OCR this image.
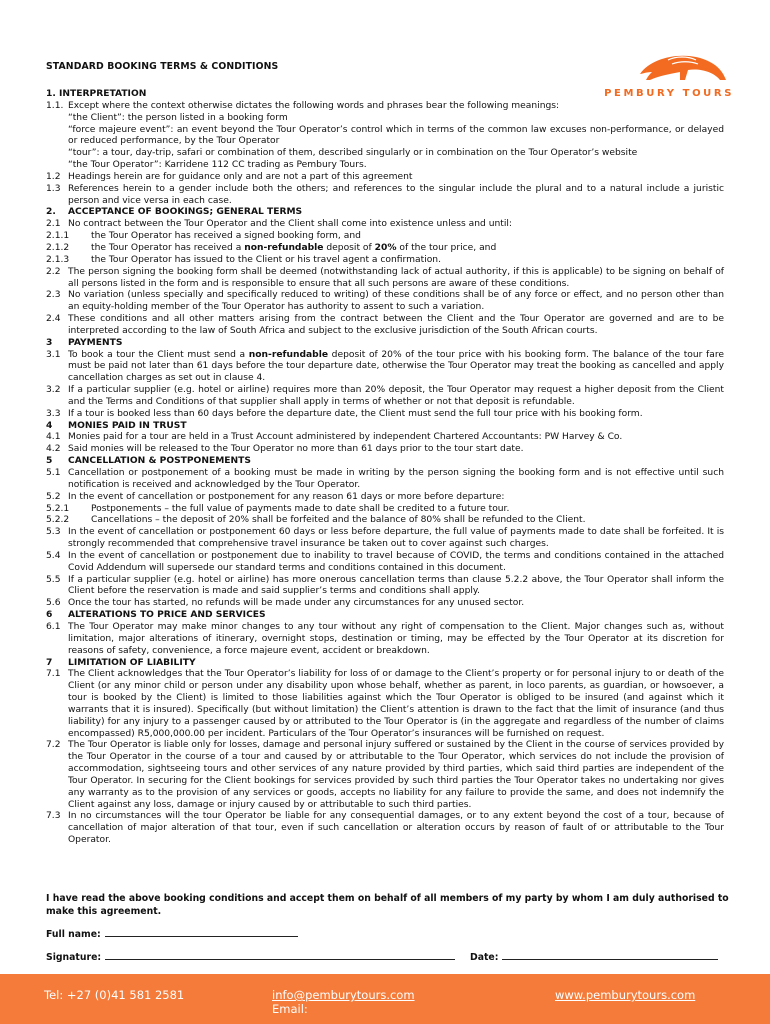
STANDARD BOOKING TERMS & CONDITIONS
PEMBURY TOURS
1. INTERPRETATION
1.1. Except where the context otherwise dictates the following words and phrases bear the following meanings:
“the Client”: the person listed in a booking form
“force majeure event”: an event beyond the Tour Operator’s control which in terms of the common law excuses non-performance, or delayed or reduced performance, by the Tour Operator
“tour”: a tour, day-trip, safari or combination of them, described singularly or in combination on the Tour Operator’s website
“the Tour Operator”: Karridene 112 CC trading as Pembury Tours.
1.2 Headings herein are for guidance only and are not a part of this agreement
1.3 References herein to a gender include both the others; and references to the singular include the plural and to a natural include a juristic person and vice versa in each case.
2. ACCEPTANCE OF BOOKINGS; GENERAL TERMS
2.1 No contract between the Tour Operator and the Client shall come into existence unless and until:
2.1.1 the Tour Operator has received a signed booking form, and
2.1.2 the Tour Operator has received a non-refundable deposit of 20% of the tour price, and
2.1.3 the Tour Operator has issued to the Client or his travel agent a confirmation.
2.2 The person signing the booking form shall be deemed (notwithstanding lack of actual authority, if this is applicable) to be signing on behalf of all persons listed in the form and is responsible to ensure that all such persons are aware of these conditions.
2.3 No variation (unless specially and specifically reduced to writing) of these conditions shall be of any force or effect, and no person other than an equity-holding member of the Tour Operator has authority to assent to such a variation.
2.4 These conditions and all other matters arising from the contract between the Client and the Tour Operator are governed and are to be interpreted according to the law of South Africa and subject to the exclusive jurisdiction of the South African courts.
3 PAYMENTS
3.1 To book a tour the Client must send a non-refundable deposit of 20% of the tour price with his booking form. The balance of the tour fare must be paid not later than 61 days before the tour departure date, otherwise the Tour Operator may treat the booking as cancelled and apply cancellation charges as set out in clause 4.
3.2 If a particular supplier (e.g. hotel or airline) requires more than 20% deposit, the Tour Operator may request a higher deposit from the Client and the Terms and Conditions of that supplier shall apply in terms of whether or not that deposit is refundable.
3.3 If a tour is booked less than 60 days before the departure date, the Client must send the full tour price with his booking form.
4 MONIES PAID IN TRUST
4.1 Monies paid for a tour are held in a Trust Account administered by independent Chartered Accountants: PW Harvey & Co.
4.2 Said monies will be released to the Tour Operator no more than 61 days prior to the tour start date.
5 CANCELLATION & POSTPONEMENTS
5.1 Cancellation or postponement of a booking must be made in writing by the person signing the booking form and is not effective until such notification is received and acknowledged by the Tour Operator.
5.2 In the event of cancellation or postponement for any reason 61 days or more before departure:
5.2.1 Postponements – the full value of payments made to date shall be credited to a future tour.
5.2.2 Cancellations – the deposit of 20% shall be forfeited and the balance of 80% shall be refunded to the Client.
5.3 In the event of cancellation or postponement 60 days or less before departure, the full value of payments made to date shall be forfeited. It is strongly recommended that comprehensive travel insurance be taken out to cover against such charges.
5.4 In the event of cancellation or postponement due to inability to travel because of COVID, the terms and conditions contained in the attached Covid Addendum will supersede our standard terms and conditions contained in this document.
5.5 If a particular supplier (e.g. hotel or airline) has more onerous cancellation terms than clause 5.2.2 above, the Tour Operator shall inform the Client before the reservation is made and said supplier’s terms and conditions shall apply.
5.6 Once the tour has started, no refunds will be made under any circumstances for any unused sector.
6 ALTERATIONS TO PRICE AND SERVICES
6.1 The Tour Operator may make minor changes to any tour without any right of compensation to the Client. Major changes such as, without limitation, major alterations of itinerary, overnight stops, destination or timing, may be effected by the Tour Operator at its discretion for reasons of safety, convenience, a force majeure event, accident or breakdown.
7 LIMITATION OF LIABILITY
7.1 The Client acknowledges that the Tour Operator’s liability for loss of or damage to the Client’s property or for personal injury to or death of the Client (or any minor child or person under any disability upon whose behalf, whether as parent, in loco parents, as guardian, or howsoever, a tour is booked by the Client) is limited to those liabilities against which the Tour Operator is obliged to be insured (and against which it warrants that it is insured). Specifically (but without limitation) the Client’s attention is drawn to the fact that the limit of insurance (and thus liability) for any injury to a passenger caused by or attributed to the Tour Operator is (in the aggregate and regardless of the number of claims encompassed) R5,000,000.00 per incident. Particulars of the Tour Operator’s insurances will be furnished on request.
7.2 The Tour Operator is liable only for losses, damage and personal injury suffered or sustained by the Client in the course of services provided by the Tour Operator in the course of a tour and caused by or attributable to the Tour Operator, which services do not include the provision of accommodation, sightseeing tours and other services of any nature provided by third parties, which said third parties are independent of the Tour Operator. In securing for the Client bookings for services provided by such third parties the Tour Operator takes no undertaking nor gives any warranty as to the provision of any services or goods, accepts no liability for any failure to provide the same, and does not indemnify the Client against any loss, damage or injury caused by or attributable to such third parties.
7.3 In no circumstances will the tour Operator be liable for any consequential damages, or to any extent beyond the cost of a tour, because of cancellation of major alteration of that tour, even if such cancellation or alteration occurs by reason of fault of or attributable to the Tour Operator.
I have read the above booking conditions and accept them on behalf of all members of my party by whom I am duly authorised to make this agreement.
Full name:
Signature:	Date:
Tel: +27 (0)41 581 2581
Email:
info@pemburytours.com	www.pemburytours.com
